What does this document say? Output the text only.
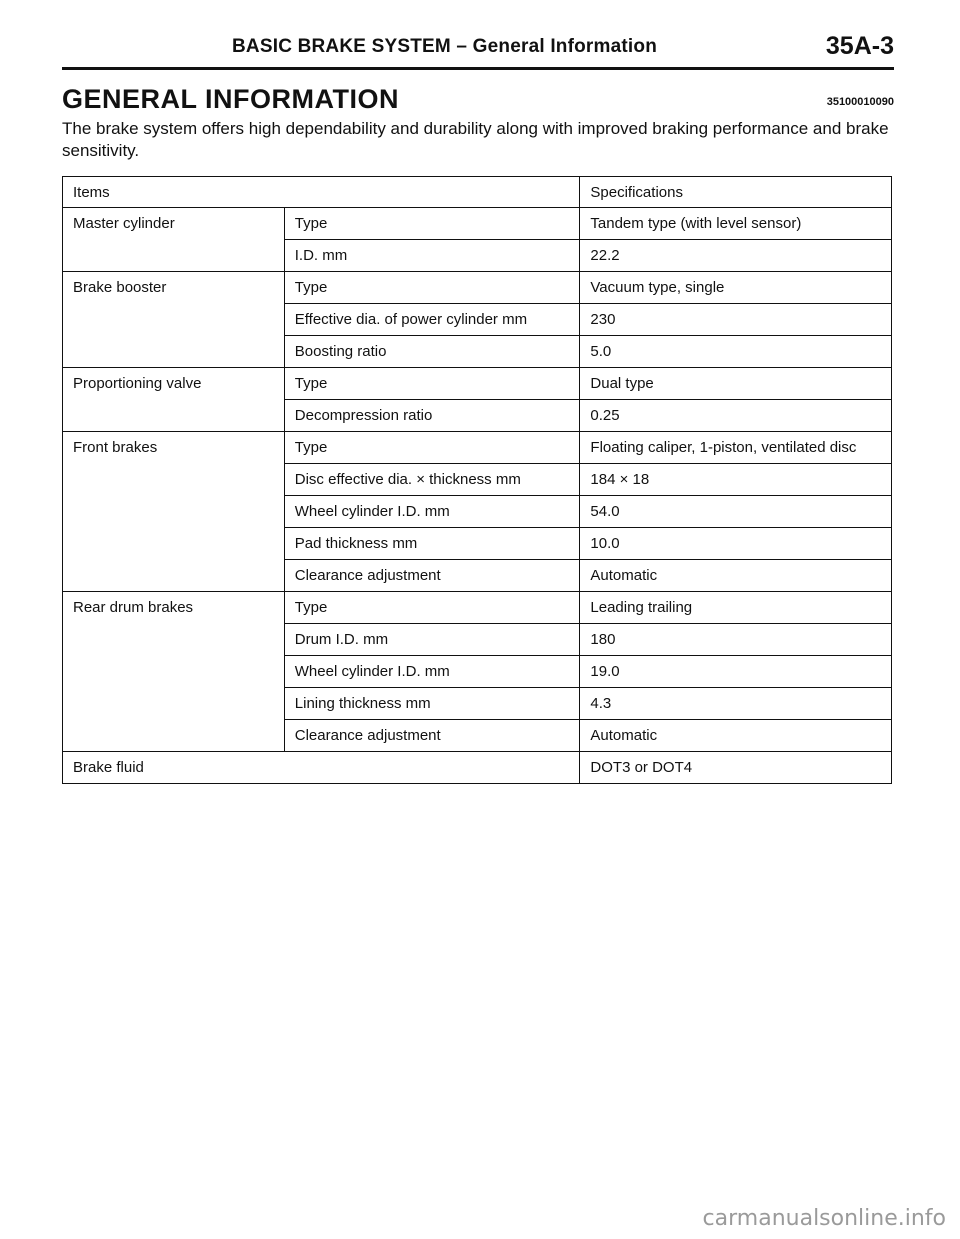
BASIC BRAKE SYSTEM – General Information	35A-3
GENERAL INFORMATION	35100010090
The brake system offers high dependability and durability along with improved braking performance and brake sensitivity.
Items		Specifications
Master cylinder	Type	Tandem type (with level sensor)
	I.D. mm	22.2
Brake booster	Type	Vacuum type, single
	Effective dia. of power cylinder mm	230
	Boosting ratio	5.0
Proportioning valve	Type	Dual type
	Decompression ratio	0.25
Front brakes	Type	Floating caliper, 1-piston, ventilated disc
	Disc effective dia. × thickness mm	184 × 18
	Wheel cylinder I.D. mm	54.0
	Pad thickness mm	10.0
	Clearance adjustment	Automatic
Rear drum brakes	Type	Leading trailing
	Drum I.D. mm	180
	Wheel cylinder I.D. mm	19.0
	Lining thickness mm	4.3
	Clearance adjustment	Automatic
Brake fluid		DOT3 or DOT4
carmanualsonline.info
